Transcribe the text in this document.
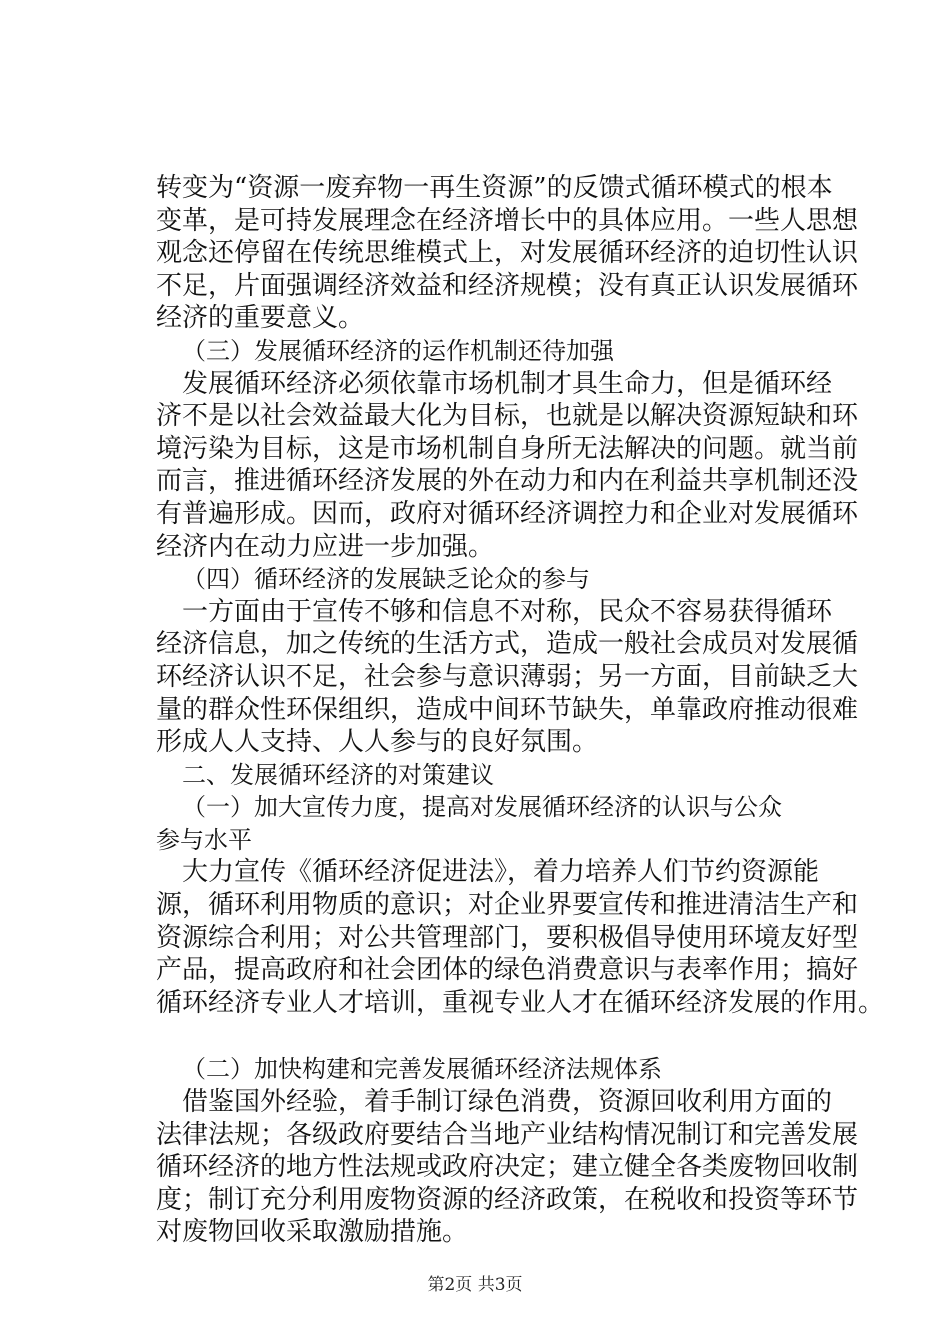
转变为“资源一废弃物一再生资源”的反馈式循环模式的根本
变革，是可持发展理念在经济增长中的具体应用。一些人思想
观念还停留在传统思维模式上，对发展循环经济的迫切性认识
不足，片面强调经济效益和经济规模；没有真正认识发展循环
经济的重要意义。
（三）发展循环经济的运作机制还待加强
发展循环经济必须依靠市场机制才具生命力，但是循环经
济不是以社会效益最大化为目标，也就是以解决资源短缺和环
境污染为目标，这是市场机制自身所无法解决的问题。就当前
而言，推进循环经济发展的外在动力和内在利益共享机制还没
有普遍形成。因而，政府对循环经济调控力和企业对发展循环
经济内在动力应进一步加强。
（四）循环经济的发展缺乏论众的参与
一方面由于宣传不够和信息不对称，民众不容易获得循环
经济信息，加之传统的生活方式，造成一般社会成员对发展循
环经济认识不足，社会参与意识薄弱；另一方面，目前缺乏大
量的群众性环保组织，造成中间环节缺失，单靠政府推动很难
形成人人支持、人人参与的良好氛围。
二、发展循环经济的对策建议
（一）加大宣传力度，提高对发展循环经济的认识与公众
参与水平
大力宣传《循环经济促进法》，着力培养人们节约资源能
源，循环利用物质的意识；对企业界要宣传和推进清洁生产和
资源综合利用；对公共管理部门，要积极倡导使用环境友好型
产品，提高政府和社会团体的绿色消费意识与表率作用；搞好
循环经济专业人才培训，重视专业人才在循环经济发展的作用。
（二）加快构建和完善发展循环经济法规体系
借鉴国外经验，着手制订绿色消费，资源回收利用方面的
法律法规；各级政府要结合当地产业结构情况制订和完善发展
循环经济的地方性法规或政府决定；建立健全各类废物回收制
度；制订充分利用废物资源的经济政策，在税收和投资等环节
对废物回收采取激励措施。
第2页 共3页
